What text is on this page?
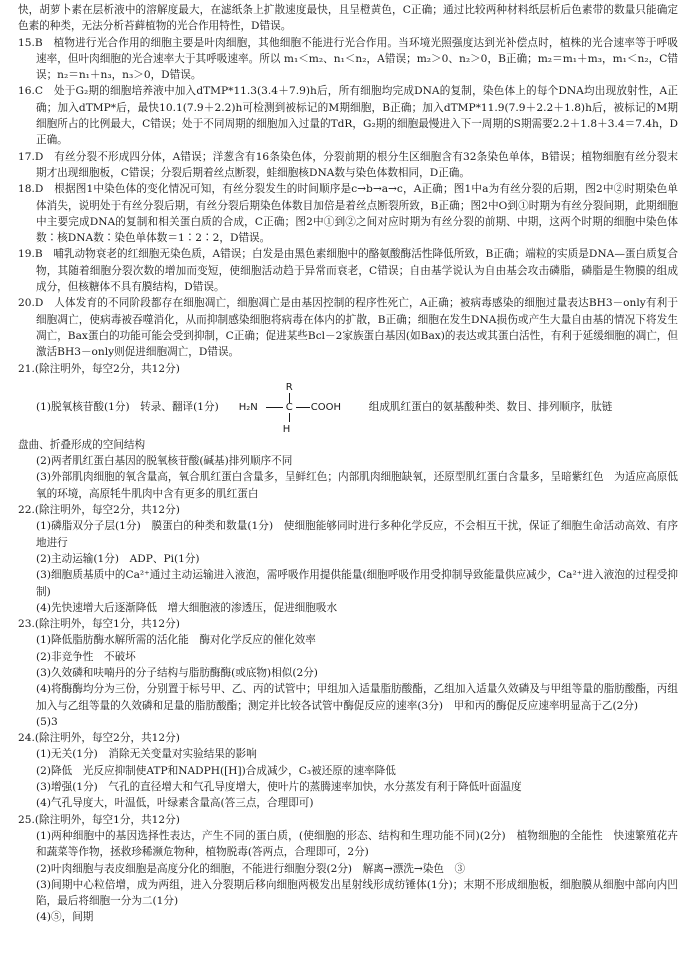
快，胡萝卜素在层析液中的溶解度最大，在滤纸条上扩散速度最快，且呈橙黄色，C正确；通过比较两种材料纸层析后色素带的数量只能确定色素的种类，无法分析苔藓植物的光合作用特性，D错误。

15.B　植物进行光合作用的细胞主要是叶肉细胞，其他细胞不能进行光合作用。当环境光照强度达到光补偿点时，植株的光合速率等于呼吸速率，但叶肉细胞的光合速率大于其呼吸速率。所以 m₁＜m₂、n₁＜n₂，A错误；m₂＞0、n₂＞0，B正确；m₂＝m₁＋m₃，m₁＜n₂，C错误；n₂＝n₁＋n₃，n₃＞0，D错误。

16.C　处于G₂期的细胞培养液中加入dTMP*11.3(3.4＋7.9)h后，所有细胞均完成DNA的复制，染色体上的每个DNA均出现放射性，A正确；加入dTMP*后，最快10.1(7.9＋2.2)h可检测到被标记的M期细胞，B正确；加入dTMP*11.9(7.9＋2.2＋1.8)h后，被标记的M期细胞所占的比例最大，C错误；处于不同周期的细胞加入过量的TdR，G₂期的细胞最慢进入下一周期的S期需要2.2＋1.8＋3.4＝7.4h，D正确。

17.D　有丝分裂不形成四分体，A错误；洋葱含有16条染色体，分裂前期的根分生区细胞含有32条染色单体，B错误；植物细胞有丝分裂末期才出现细胞板，C错误；分裂后期着丝点断裂，蛙细胞核DNA数与染色体数相同，D正确。

18.D　根据图1中染色体的变化情况可知，有丝分裂发生的时间顺序是c→b→a→c，A正确；图1中a为有丝分裂的后期，图2中②时期染色单体消失，说明处于有丝分裂后期，有丝分裂后期染色体数目加倍是着丝点断裂所致，B正确；图2中O到①时期为有丝分裂间期，此期细胞中主要完成DNA的复制和相关蛋白质的合成，C正确；图2中①到②之间对应时期为有丝分裂的前期、中期，这两个时期的细胞中染色体数∶核DNA数∶染色单体数＝1∶2∶2，D错误。

19.B　哺乳动物衰老的红细胞无染色质，A错误；白发是由黑色素细胞中的酪氨酸酶活性降低所致，B正确；端粒的实质是DNA—蛋白质复合物，其随着细胞分裂次数的增加而变短，使细胞活动趋于异常而衰老，C错误；自由基学说认为自由基会攻击磷脂，磷脂是生物膜的组成成分，但核糖体不具有膜结构，D错误。

20.D　人体发育的不同阶段都存在细胞凋亡，细胞凋亡是由基因控制的程序性死亡，A正确；被病毒感染的细胞过量表达BH3－only有利于细胞凋亡，使病毒被吞噬消化，从而抑制感染细胞将病毒在体内的扩散，B正确；细胞在发生DNA损伤或产生大量自由基的情况下将发生凋亡，Bax蛋白的功能可能会受到抑制，C正确；促进某些Bcl－2家族蛋白基因(如Bax)的表达或其蛋白活性，有利于延缓细胞的凋亡，但激活BH3－only则促进细胞凋亡，D错误。

21.(除注明外，每空2分，共12分)

(1)脱氧核苷酸(1分)　转录、翻译(1分)
R
H₂N	C COOH
H
组成肌红蛋白的氨基酸种类、数目、排列顺序，肽链

盘曲、折叠形成的空间结构

(2)两者肌红蛋白基因的脱氧核苷酸(碱基)排列顺序不同

(3)外部肌肉细胞的氧含量高，氧合肌红蛋白含量多，呈鲜红色；内部肌肉细胞缺氧，还原型肌红蛋白含量多，呈暗紫红色　为适应高原低氧的环境，高原牦牛肌肉中含有更多的肌红蛋白

22.(除注明外，每空2分，共12分)

(1)磷脂双分子层(1分)　膜蛋白的种类和数量(1分)　使细胞能够同时进行多种化学反应，不会相互干扰，保证了细胞生命活动高效、有序地进行

(2)主动运输(1分)　ADP、Pi(1分)

(3)细胞质基质中的Ca²⁺通过主动运输进入液泡，需呼吸作用提供能量(细胞呼吸作用受抑制导致能量供应减少，Ca²⁺进入液泡的过程受抑制)

(4)先快速增大后逐渐降低　增大细胞液的渗透压，促进细胞吸水

23.(除注明外，每空1分，共12分)

(1)降低脂肪酶水解所需的活化能　酶对化学反应的催化效率

(2)非竞争性　不破坏

(3)久效磷和呋喃丹的分子结构与脂肪酶酶(或底物)相似(2分)

(4)将酶酶均分为三份，分别置于标号甲、乙、丙的试管中；甲组加入适量脂肪酸酯，乙组加入适量久效磷及与甲组等量的脂肪酸酯，丙组加入与乙组等量的久效磷和足量的脂肪酸酯；测定并比较各试管中酶促反应的速率(3分)　甲和丙的酶促反应速率明显高于乙(2分)

(5)3

24.(除注明外，每空2分，共12分)

(1)无关(1分)　消除无关变量对实验结果的影响

(2)降低　光反应抑制使ATP和NADPH([H])合成减少，C₃被还原的速率降低

(3)增强(1分)　气孔的直径增大和气孔导度增大，使叶片的蒸腾速率加快，水分蒸发有利于降低叶面温度

(4)气孔导度大，叶温低，叶绿素含量高(答三点，合理即可)

25.(除注明外，每空1分，共12分)

(1)两种细胞中的基因选择性表达，产生不同的蛋白质，(使细胞的形态、结构和生理功能不同)(2分)　植物细胞的全能性　快速繁殖花卉和蔬菜等作物，拯救珍稀濒危物种，植物脱毒(答两点，合理即可，2分)

(2)叶肉细胞与表皮细胞是高度分化的细胞，不能进行细胞分裂(2分)　解离→漂洗→染色　③

(3)间期中心粒倍增，成为两组，进入分裂期后移向细胞两极发出星射线形成纺锤体(1分)；末期不形成细胞板，细胞膜从细胞中部向内凹陷，最后将细胞一分为二(1分)

(4)⑤，间期
